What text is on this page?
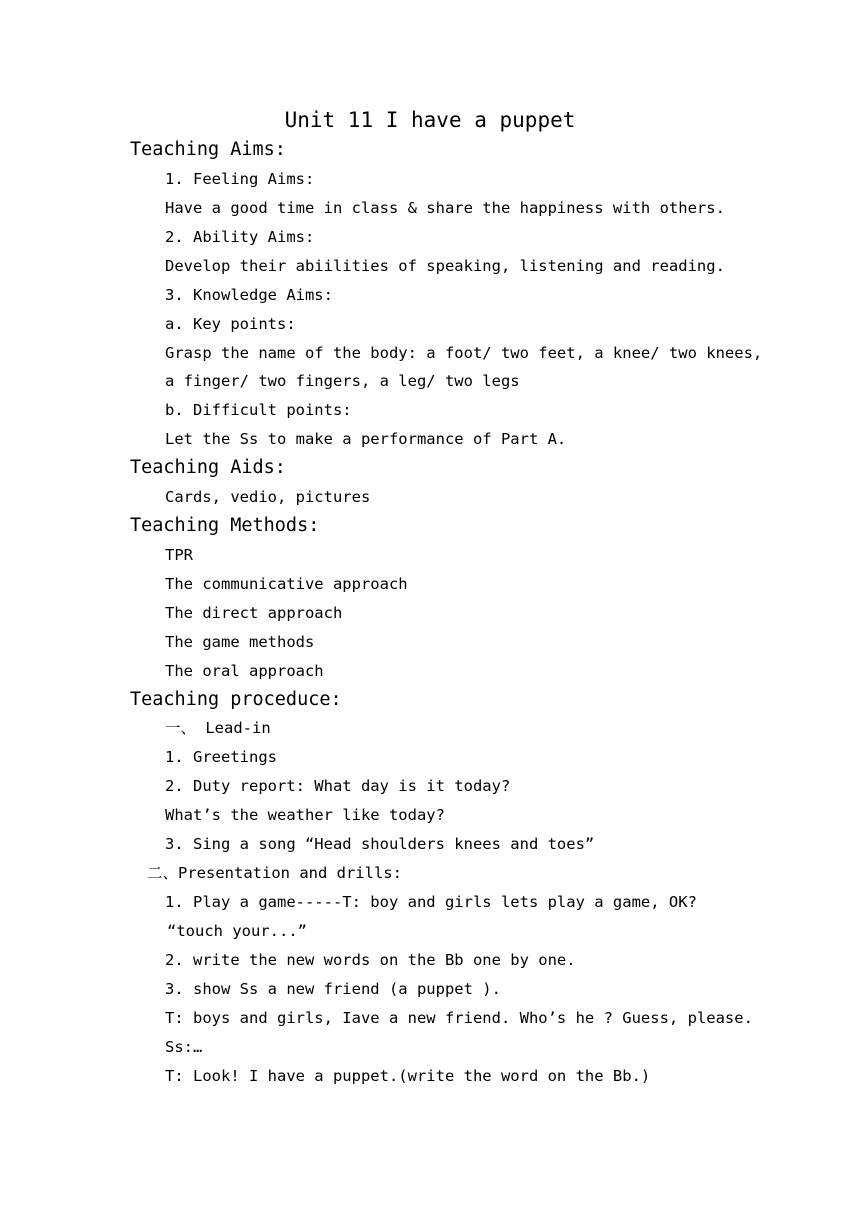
Unit 11 I have a puppet
Teaching Aims:
1. Feeling Aims:
Have a good time in class & share the happiness with others.
2. Ability Aims:
Develop their abiilities of speaking, listening and reading.
3. Knowledge Aims:
a. Key points:
Grasp the name of the body: a foot/ two feet, a knee/ two knees,
a finger/ two fingers, a leg/ two legs
b. Difficult points:
Let the Ss to make a performance of Part A.
Teaching Aids:
Cards, vedio, pictures
Teaching Methods:
TPR
The communicative approach
The direct approach
The game methods
The oral approach
Teaching proceduce:
一、 Lead-in
1. Greetings
2. Duty report: What day is it today?
What’s the weather like today?
3. Sing a song “Head shoulders knees and toes”
二、Presentation and drills:
1. Play a game-----T: boy and girls lets play a game, OK?
“touch your...”
2. write the new words on the Bb one by one.
3. show Ss a new friend (a puppet ).
T: boys and girls, Iave a new friend. Who’s he ? Guess, please.
Ss:…
T: Look! I have a puppet.(write the word on the Bb.)
